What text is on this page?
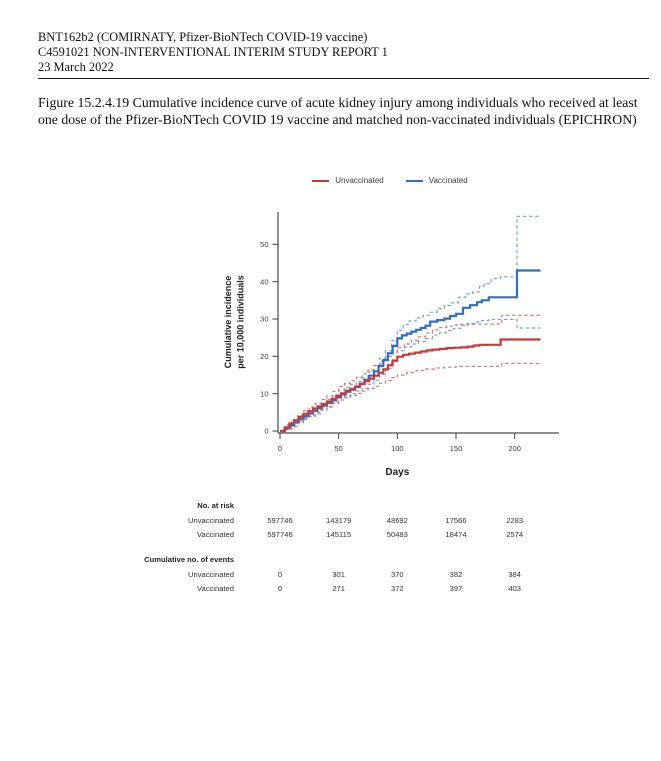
BNT162b2 (COMIRNATY, Pfizer-BioNTech COVID-19 vaccine)
C4591021 NON-INTERVENTIONAL INTERIM STUDY REPORT 1
23 March 2022

Figure 15.2.4.19 Cumulative incidence curve of acute kidney injury among individuals who received at least one dose of the Pfizer-BioNTech COVID 19 vaccine and matched non-vaccinated individuals (EPICHRON)

Unvaccinated	Vaccinated
0
10
20
30
40
50
0	50	100	150	200
Days
Cumulative incidence per 10,000 individuals
No. at risk
Unvaccinated	597746	143179	48692	17566	2283
Vaccinated	597746	145115	50483	18474	2574
Cumulative no. of events
Unvaccinated	0	301	370	382	384
Vaccinated	0	271	372	397	403
